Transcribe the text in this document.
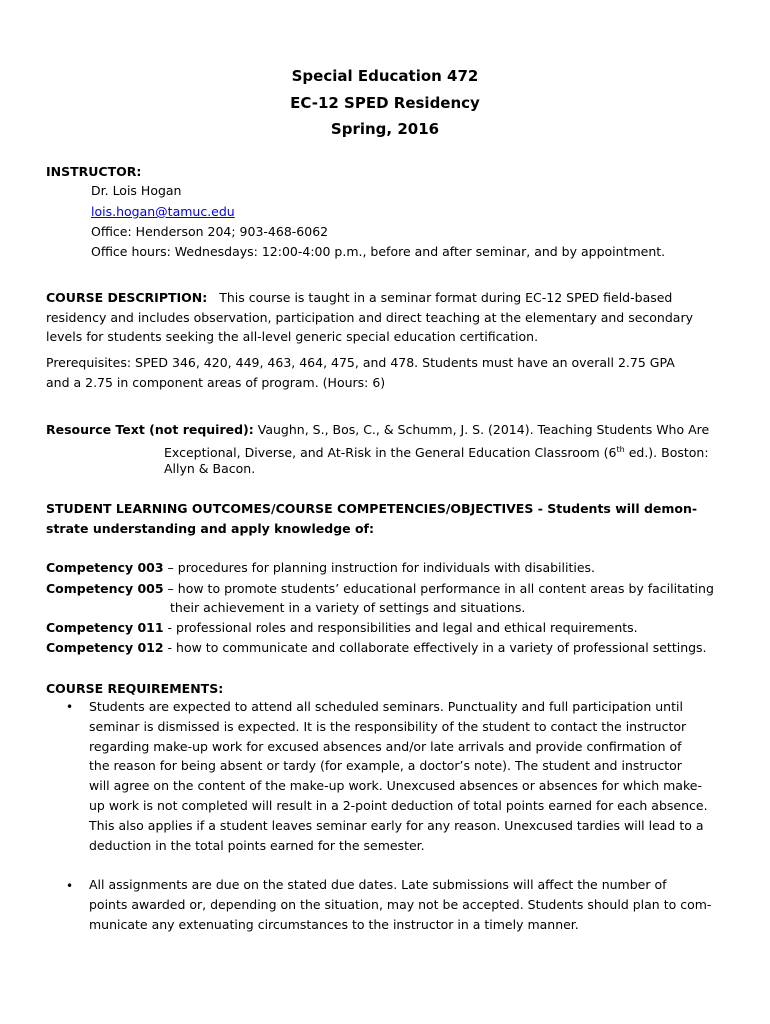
Special Education 472
EC-12 SPED Residency
Spring, 2016
INSTRUCTOR:
Dr. Lois Hogan
lois.hogan@tamuc.edu
Office: Henderson 204; 903-468-6062
Office hours: Wednesdays: 12:00-4:00 p.m., before and after seminar, and by appointment.
COURSE DESCRIPTION: This course is taught in a seminar format during EC-12 SPED field-based
residency and includes observation, participation and direct teaching at the elementary and secondary
levels for students seeking the all-level generic special education certification.
Prerequisites: SPED 346, 420, 449, 463, 464, 475, and 478. Students must have an overall 2.75 GPA
and a 2.75 in component areas of program. (Hours: 6)
Resource Text (not required): Vaughn, S., Bos, C., & Schumm, J. S. (2014). Teaching Students Who Are
Exceptional, Diverse, and At-Risk in the General Education Classroom (6th ed.). Boston:
Allyn & Bacon.
STUDENT LEARNING OUTCOMES/COURSE COMPETENCIES/OBJECTIVES - Students will demon-
strate understanding and apply knowledge of:
Competency 003 – procedures for planning instruction for individuals with disabilities.
Competency 005 – how to promote students’ educational performance in all content areas by facilitating
their achievement in a variety of settings and situations.
Competency 011 - professional roles and responsibilities and legal and ethical requirements.
Competency 012 - how to communicate and collaborate effectively in a variety of professional settings.
COURSE REQUIREMENTS:
• Students are expected to attend all scheduled seminars. Punctuality and full participation until
seminar is dismissed is expected. It is the responsibility of the student to contact the instructor
regarding make-up work for excused absences and/or late arrivals and provide confirmation of
the reason for being absent or tardy (for example, a doctor’s note). The student and instructor
will agree on the content of the make-up work. Unexcused absences or absences for which make-
up work is not completed will result in a 2-point deduction of total points earned for each absence.
This also applies if a student leaves seminar early for any reason. Unexcused tardies will lead to a
deduction in the total points earned for the semester.
• All assignments are due on the stated due dates. Late submissions will affect the number of
points awarded or, depending on the situation, may not be accepted. Students should plan to com-
municate any extenuating circumstances to the instructor in a timely manner.
